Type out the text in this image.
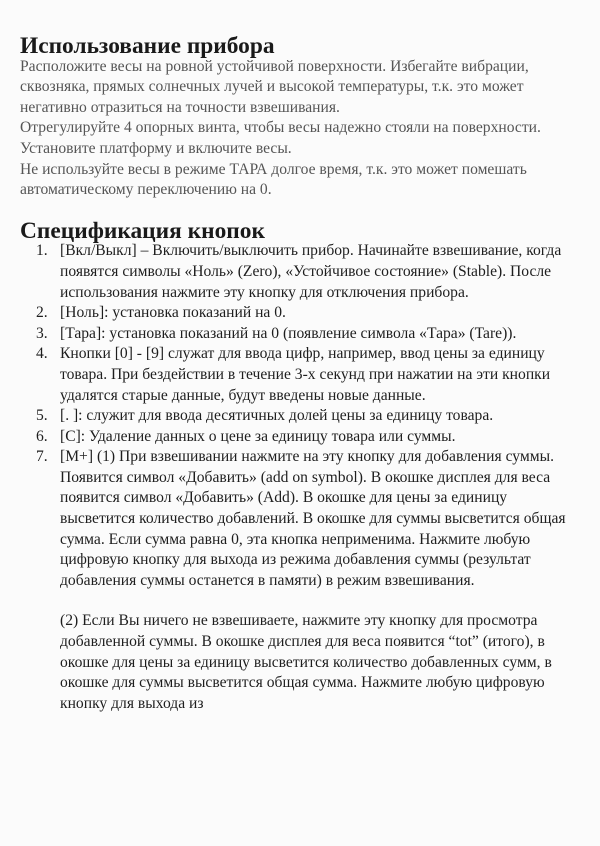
Использование прибора

Расположите весы на ровной устойчивой поверхности. Избегайте вибрации, сквозняка, прямых солнечных лучей и высокой температуры, т.к. это может негативно отразиться на точности взвешивания.

Отрегулируйте 4 опорных винта, чтобы весы надежно стояли на поверхности.

Установите платформу и включите весы.

Не используйте весы в режиме ТАРА долгое время, т.к. это может помешать автоматическому переключению на 0.

Спецификация кнопок
1. [Вкл/Выкл] – Включить/выключить прибор. Начинайте взвешивание, когда появятся символы «Ноль» (Zero), «Устойчивое состояние» (Stable). После использования нажмите эту кнопку для отключения прибора.
2. [Ноль]: установка показаний на 0.
3. [Тара]: установка показаний на 0 (появление символа «Тара» (Tare)).
4. Кнопки [0] - [9] служат для ввода цифр, например, ввод цены за единицу товара. При бездействии в течение 3-х секунд при нажатии на эти кнопки удалятся старые данные, будут введены новые данные.
5. [. ]: служит для ввода десятичных долей цены за единицу товара.
6. [С]: Удаление данных о цене за единицу товара или суммы.
7. [М+] (1) При взвешивании нажмите на эту кнопку для добавления суммы. Появится символ «Добавить» (add on symbol). В окошке дисплея для веса появится символ «Добавить» (Add). В окошке для цены за единицу высветится количество добавлений. В окошке для суммы высветится общая сумма. Если сумма равна 0, эта кнопка неприменима. Нажмите любую цифровую кнопку для выхода из режима добавления суммы (результат добавления суммы останется в памяти) в режим взвешивания.

(2) Если Вы ничего не взвешиваете, нажмите эту кнопку для просмотра добавленной суммы. В окошке дисплея для веса появится “tot” (итого), в окошке для цены за единицу высветится количество добавленных сумм, в окошке для суммы высветится общая сумма. Нажмите любую цифровую кнопку для выхода из
